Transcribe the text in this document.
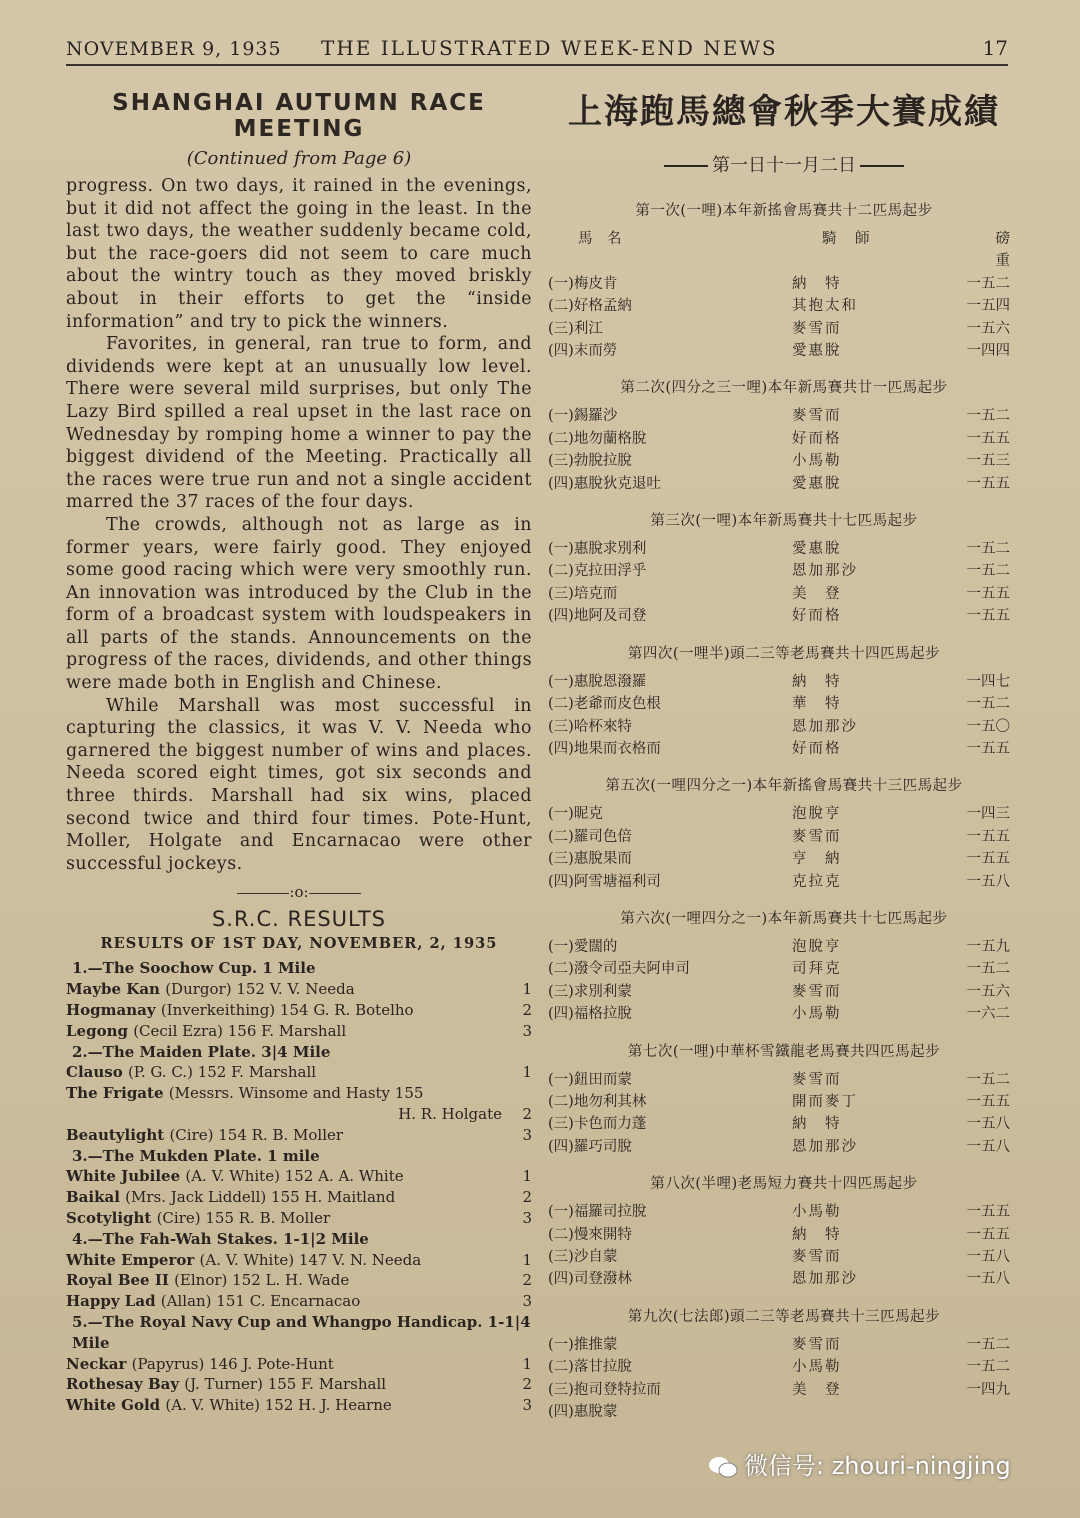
NOVEMBER 9, 1935 THE ILLUSTRATED WEEK-END NEWS	17
SHANGHAI AUTUMN RACE MEETING
(Continued from Page 6)

progress. On two days, it rained in the evenings, but it did not affect the going in the least. In the last two days, the weather suddenly became cold, but the race-goers did not seem to care much about the wintry touch as they moved briskly about in their efforts to get the “inside information” and try to pick the winners.

Favorites, in general, ran true to form, and dividends were kept at an unusually low level. There were several mild surprises, but only The Lazy Bird spilled a real upset in the last race on Wednesday by romping home a winner to pay the biggest dividend of the Meeting. Practically all the races were true run and not a single accident marred the 37 races of the four days.

The crowds, although not as large as in former years, were fairly good. They enjoyed some good racing which were very smoothly run. An innovation was introduced by the Club in the form of a broadcast system with loudspeakers in all parts of the stands. Announcements on the progress of the races, dividends, and other things were made both in English and Chinese.

While Marshall was most successful in capturing the classics, it was V. V. Needa who garnered the biggest number of wins and places. Needa scored eight times, got six seconds and three thirds. Marshall had six wins, placed second twice and third four times. Pote-Hunt, Moller, Holgate and Encarnacao were other successful jockeys.

:o:
S.R.C. RESULTS
RESULTS OF 1ST DAY, NOVEMBER, 2, 1935
1.—The Soochow Cup. 1 Mile
Maybe Kan (Durgor) 152 V. V. Needa	1
Hogmanay (Inverkeithing) 154 G. R. Botelho	2
Legong (Cecil Ezra) 156 F. Marshall	3
2.—The Maiden Plate. 3|4 Mile
Clauso (P. G. C.) 152 F. Marshall	1
The Frigate (Messrs. Winsome and Hasty 155
H. R. Holgate 2
Beautylight (Cire) 154 R. B. Moller	3
3.—The Mukden Plate. 1 mile
White Jubilee (A. V. White) 152 A. A. White	1
Baikal (Mrs. Jack Liddell) 155 H. Maitland	2
Scotylight (Cire) 155 R. B. Moller	3
4.—The Fah-Wah Stakes. 1-1|2 Mile
White Emperor (A. V. White) 147 V. N. Needa	1
Royal Bee II (Elnor) 152 L. H. Wade	2
Happy Lad (Allan) 151 C. Encarnacao	3
5.—The Royal Navy Cup and Whangpo Handicap. 1-1|4 Mile
Neckar (Papyrus) 146 J. Pote-Hunt	1
Rothesay Bay (J. Turner) 155 F. Marshall	2
White Gold (A. V. White) 152 H. J. Hearne	3
上海跑馬總會秋季大賽成績
第一日十一月二日
第一次(一哩)本年新搖會馬賽共十二匹馬起步
馬　名	騎　師	磅　重
(一)梅皮肯	納　特	一五二
(二)好格孟納	其抱太和	一五四
(三)利江	麥雪而	一五六
(四)末而勞	愛惠脫	一四四
第二次(四分之三一哩)本年新馬賽共廿一匹馬起步
(一)錫羅沙	麥雪而	一五二
(二)地勿蘭格脫	好而格	一五五
(三)勃脫拉脫	小馬勒	一五三
(四)惠脫狄克退吐	愛惠脫	一五五
第三次(一哩)本年新馬賽共十七匹馬起步
(一)惠脫求別利	愛惠脫	一五二
(二)克拉田浮乎	恩加那沙	一五二
(三)培克而	美　登	一五五
(四)地阿及司登	好而格	一五五
第四次(一哩半)頭二三等老馬賽共十四匹馬起步
(一)惠脫恩潑羅	納　特	一四七
(二)老爺而皮色根	華　特	一五二
(三)哈杯來特	恩加那沙	一五〇
(四)地果而衣格而	好而格	一五五
第五次(一哩四分之一)本年新搖會馬賽共十三匹馬起步
(一)昵克	泡脫亨	一四三
(二)羅司色倍	麥雪而	一五五
(三)惠脫果而	亨　納	一五五
(四)阿雪塘福利司	克拉克	一五八
第六次(一哩四分之一)本年新馬賽共十七匹馬起步
(一)愛闊的	泡脫亨	一五九
(二)潑令司亞夫阿申司	司拜克	一五二
(三)求別利蒙	麥雪而	一五六
(四)福格拉脫	小馬勒	一六二
第七次(一哩)中華杯雪鐵龍老馬賽共四匹馬起步
(一)鈕田而蒙	麥雪而	一五二
(二)地勿利其林	開而麥丁	一五五
(三)卡色而力蓬	納　特	一五八
(四)羅巧司脫	恩加那沙	一五八
第八次(半哩)老馬短力賽共十四匹馬起步
(一)福羅司拉脫	小馬勒	一五五
(二)慢來開特	納　特	一五五
(三)沙自蒙	麥雪而	一五八
(四)司登潑林	恩加那沙	一五八
第九次(七法郎)頭二三等老馬賽共十三匹馬起步
(一)推推蒙	麥雪而	一五二
(二)落甘拉脫	小馬勒	一五二
(三)抱司登特拉而	美　登	一四九
(四)惠脫蒙
微信号: zhouri-ningjing
